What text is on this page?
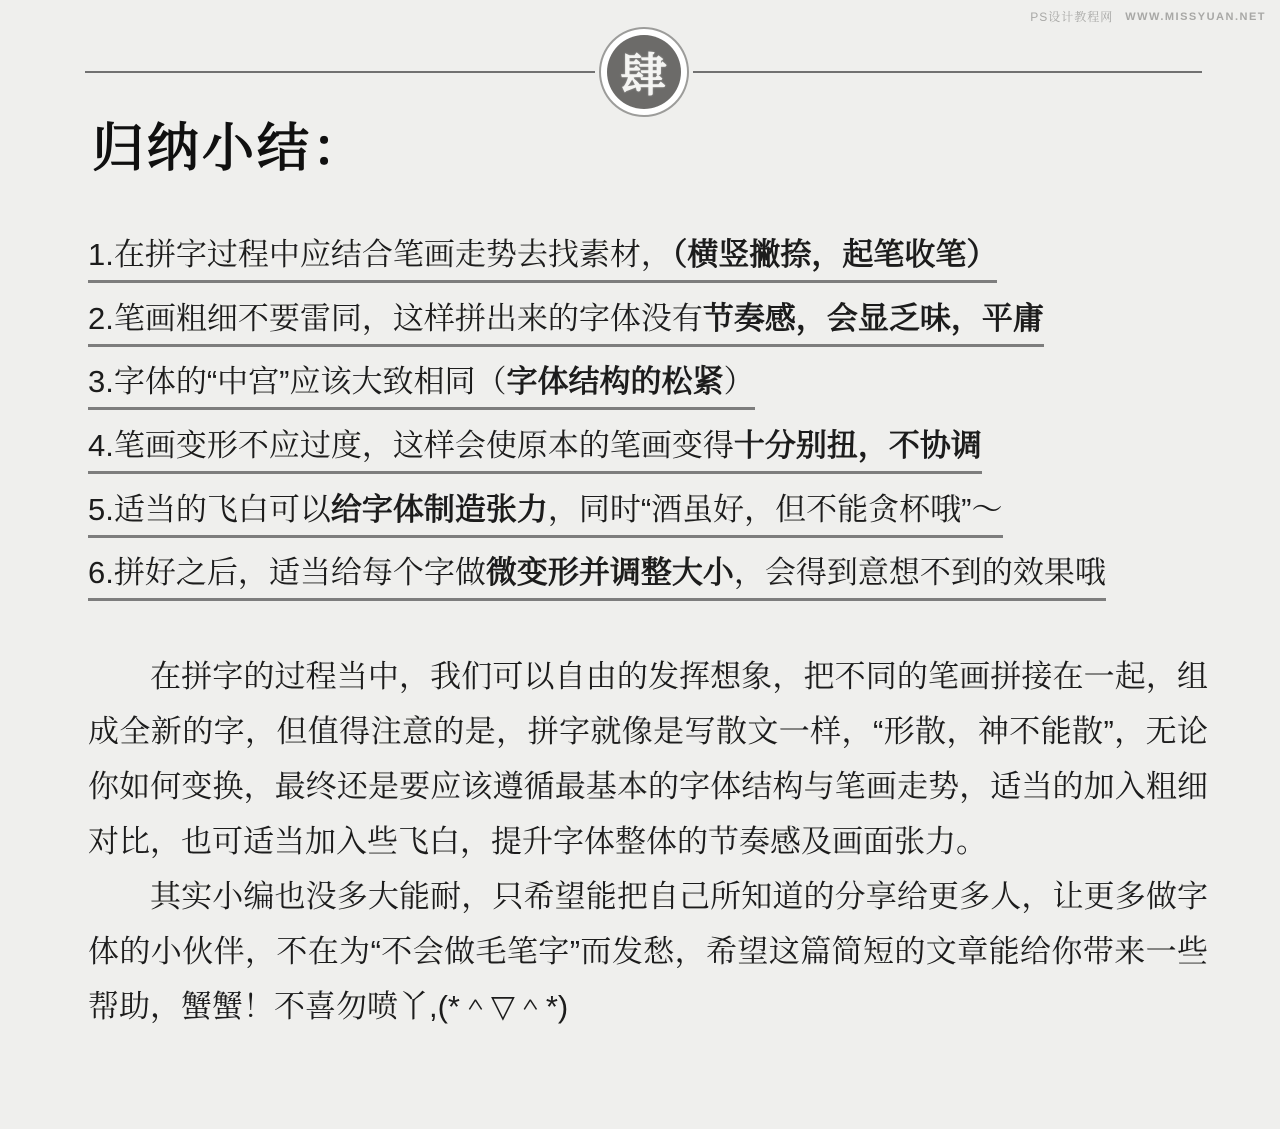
PS设计教程网 WWW.MISSYUAN.NET
肆
归纳小结：
1.在拼字过程中应结合笔画走势去找素材，（横竖撇捺，起笔收笔）
2.笔画粗细不要雷同，这样拼出来的字体没有节奏感，会显乏味，平庸
3.字体的“中宫”应该大致相同（字体结构的松紧）
4.笔画变形不应过度，这样会使原本的笔画变得十分别扭，不协调
5.适当的飞白可以给字体制造张力，同时“酒虽好，但不能贪杯哦”～
6.拼好之后，适当给每个字做微变形并调整大小，会得到意想不到的效果哦

在拼字的过程当中，我们可以自由的发挥想象，把不同的笔画拼接在一起，组成全新的字，但值得注意的是，拼字就像是写散文一样，“形散，神不能散”，无论你如何变换，最终还是要应该遵循最基本的字体结构与笔画走势，适当的加入粗细对比，也可适当加入些飞白，提升字体整体的节奏感及画面张力。

其实小编也没多大能耐，只希望能把自己所知道的分享给更多人，让更多做字体的小伙伴，不在为“不会做毛笔字”而发愁，希望这篇简短的文章能给你带来一些帮助，蟹蟹！不喜勿喷丫,(*＾▽＾*)
